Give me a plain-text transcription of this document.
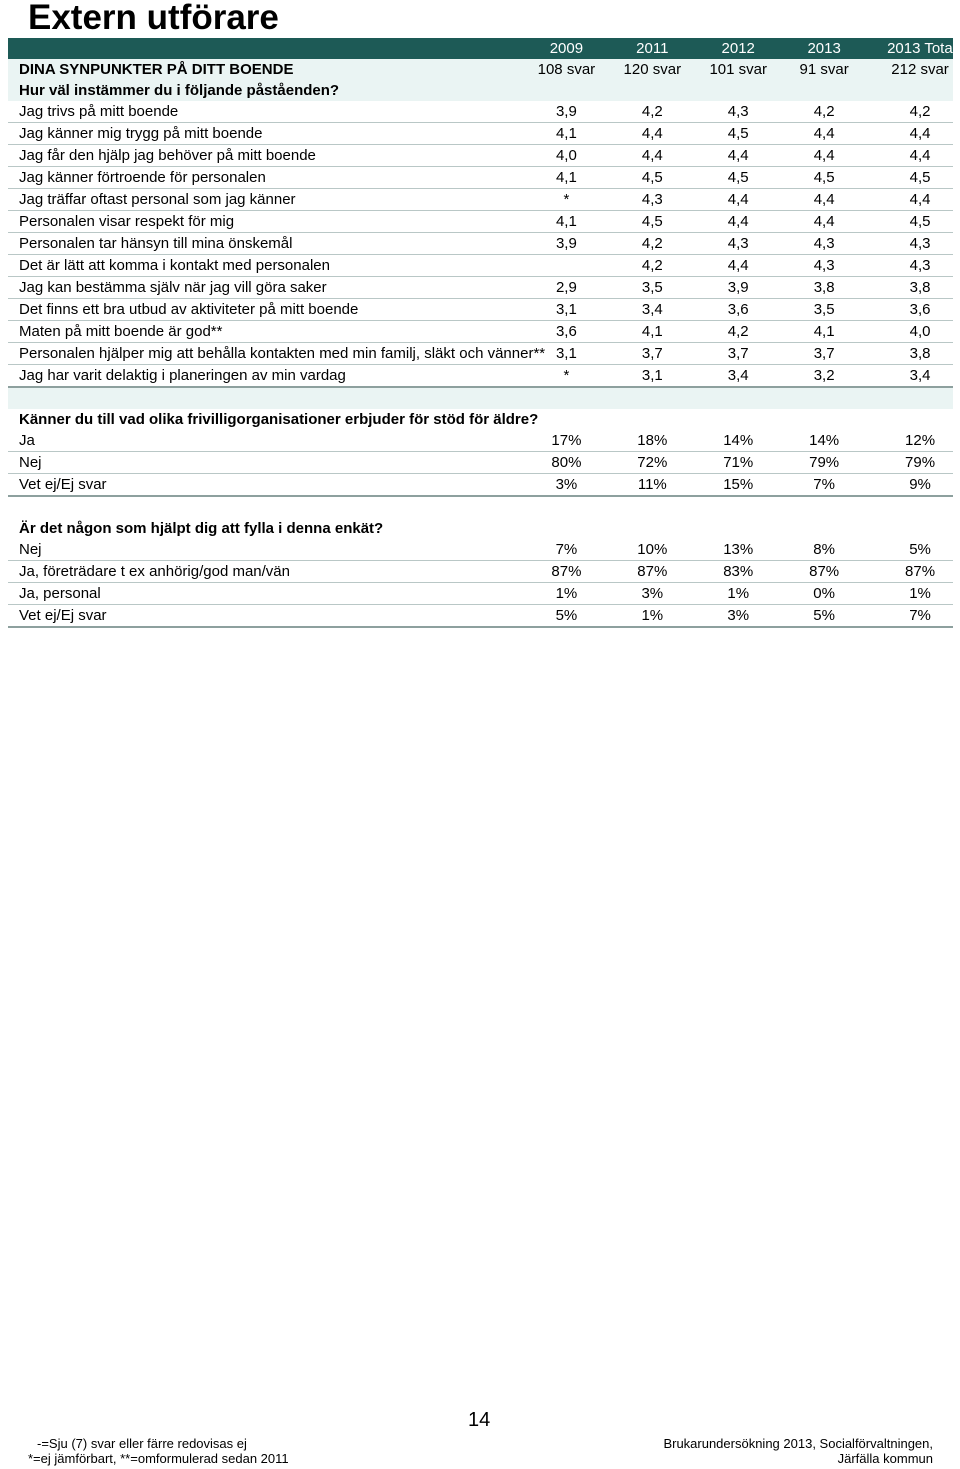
Extern utförare
	2009	2011	2012	2013	2013 Total
DINA SYNPUNKTER PÅ DITT BOENDE	108 svar	120 svar	101 svar	91 svar	212 svar
Hur väl instämmer du i följande påståenden?					
Jag trivs på mitt boende	3,9	4,2	4,3	4,2	4,2
Jag känner mig trygg på mitt boende	4,1	4,4	4,5	4,4	4,4
Jag får den hjälp jag behöver på mitt boende	4,0	4,4	4,4	4,4	4,4
Jag känner förtroende för personalen	4,1	4,5	4,5	4,5	4,5
Jag träffar oftast personal som jag känner	*	4,3	4,4	4,4	4,4
Personalen visar respekt för mig	4,1	4,5	4,4	4,4	4,5
Personalen tar hänsyn till mina önskemål	3,9	4,2	4,3	4,3	4,3
Det är lätt att komma i kontakt med personalen		4,2	4,4	4,3	4,3
Jag kan bestämma själv när jag vill göra saker	2,9	3,5	3,9	3,8	3,8
Det finns ett bra utbud av aktiviteter på mitt boende	3,1	3,4	3,6	3,5	3,6
Maten på mitt boende är god**	3,6	4,1	4,2	4,1	4,0
Personalen hjälper mig att behålla kontakten med min familj, släkt och vänner**	3,1	3,7	3,7	3,7	3,8
Jag har varit delaktig i planeringen av min vardag	*	3,1	3,4	3,2	3,4

Känner du till vad olika frivilligorganisationer erbjuder för stöd för äldre?					
Ja	17%	18%	14%	14%	12%
Nej	80%	72%	71%	79%	79%
Vet ej/Ej svar	3%	11%	15%	7%	9%

Är det någon som hjälpt dig att fylla i denna enkät?					
Nej	7%	10%	13%	8%	5%
Ja, företrädare t ex anhörig/god man/vän	87%	87%	83%	87%	87%
Ja, personal	1%	3%	1%	0%	1%
Vet ej/Ej svar	5%	1%	3%	5%	7%
14
-=Sju (7) svar eller färre redovisas ej
*=ej jämförbart, **=omformulerad sedan 2011
Brukarundersökning 2013, Socialförvaltningen,
Järfälla kommun
